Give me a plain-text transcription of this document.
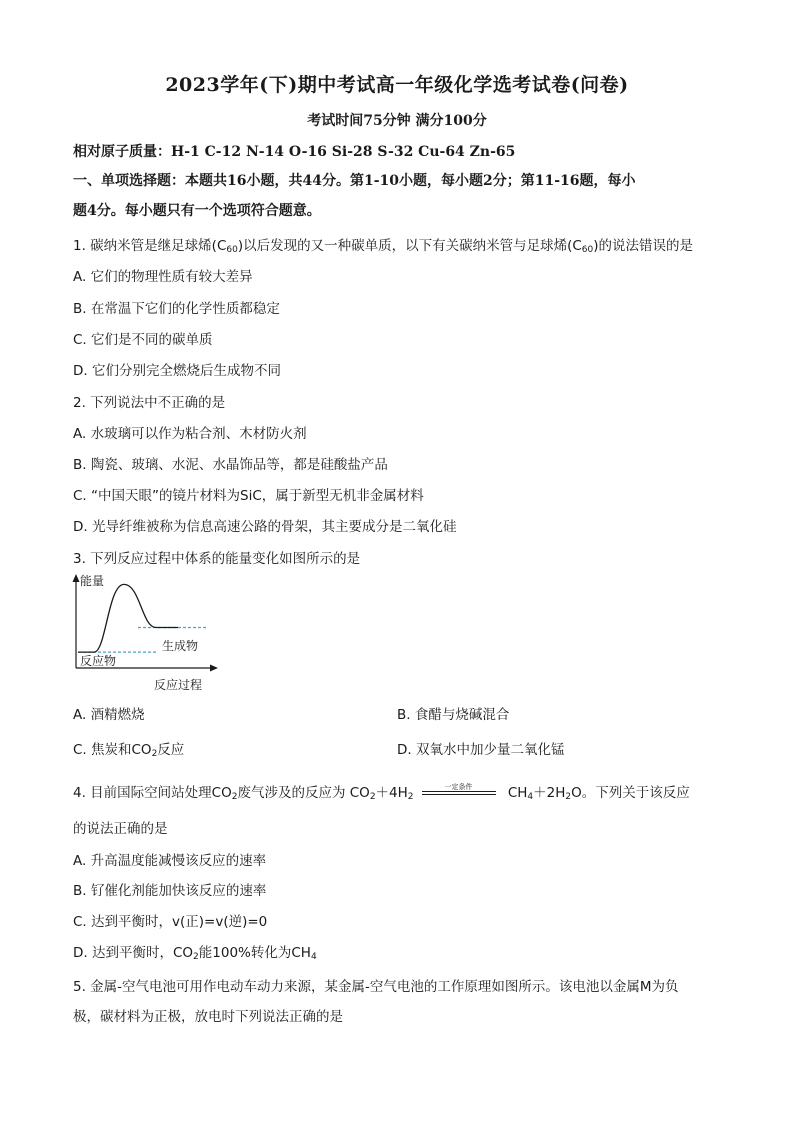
2023学年(下)期中考试高一年级化学选考试卷(问卷)
考试时间75分钟 满分100分
相对原子质量：H-1 C-12 N-14 O-16 Si-28 S-32 Cu-64 Zn-65
一、单项选择题：本题共16小题，共44分。第1-10小题，每小题2分；第11-16题，每小
题4分。每小题只有一个选项符合题意。
1. 碳纳米管是继足球烯$(C_{60})$以后发现的又一种碳单质，以下有关碳纳米管与足球烯$(C_{60})$的说法错误的是
A. 它们的物理性质有较大差异
B. 在常温下它们的化学性质都稳定
C. 它们是不同的碳单质
D. 它们分别完全燃烧后生成物不同
2. 下列说法中不正确的是
A. 水玻璃可以作为粘合剂、木材防火剂
B. 陶瓷、玻璃、水泥、水晶饰品等，都是硅酸盐产品
C. “中国天眼”的镜片材料为SiC，属于新型无机非金属材料
D. 光导纤维被称为信息高速公路的骨架，其主要成分是二氧化硅
3. 下列反应过程中体系的能量变化如图所示的是
能量
反应过程
反应物
生成物
A. 酒精燃烧	B. 食醋与烧碱混合
C. 焦炭和$CO_2$反应	D. 双氧水中加少量二氧化锰
4. 目前国际空间站处理$CO_2$废气涉及的反应为 $CO_2+4H_2^{一定条件}$
$CH_4+2H_2O$。下列关于该反应
的说法正确的是
A. 升高温度能减慢该反应的速率
B. 钌催化剂能加快该反应的速率
C. 达到平衡时，v(正)=v(逆)=0
D. 达到平衡时，$CO_2$能100%转化为$CH_4$
5. 金属-空气电池可用作电动车动力来源，某金属-空气电池的工作原理如图所示。该电池以金属M为负
极，碳材料为正极，放电时下列说法正确的是
